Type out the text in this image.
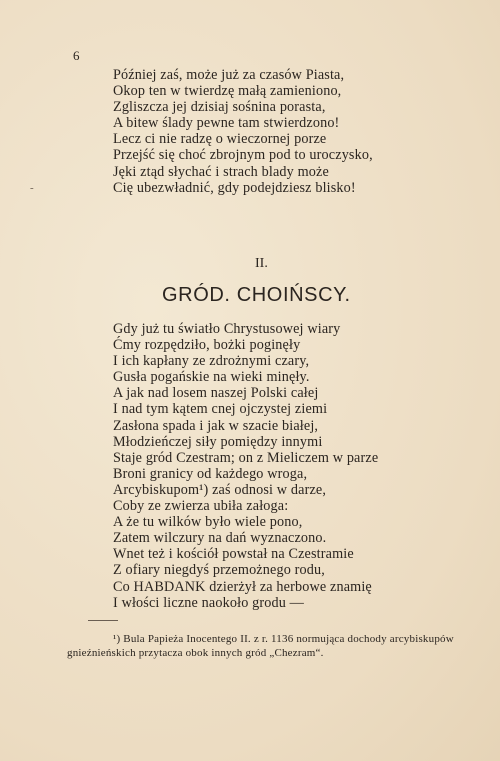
6
-
Później zaś, może już za czasów Piasta,
Okop ten w twierdzę małą zamieniono,
Zgliszcza jej dzisiaj sośnina porasta,
A bitew ślady pewne tam stwierdzono!
Lecz ci nie radzę o wieczornej porze
Przejść się choć zbrojnym pod to uroczysko,
Jęki ztąd słychać i strach blady może
Cię ubezwładnić, gdy podejdziesz blisko!
II.
GRÓD. CHOIŃSCY.
Gdy już tu światło Chrystusowej wiary
Ćmy rozpędziło, bożki poginęły
I ich kapłany ze zdrożnymi czary,
Gusła pogańskie na wieki minęły.
A jak nad losem naszej Polski całej
I nad tym kątem cnej ojczystej ziemi
Zasłona spada i jak w szacie białej,
Młodzieńczej siły pomiędzy innymi
Staje gród Czestram; on z Mieliczem w parze
Broni granicy od każdego wroga,
Arcybiskupom¹) zaś odnosi w darze,
Coby ze zwierza ubiła załoga:
A że tu wilków było wiele pono,
Zatem wilczury na dań wyznaczono.
Wnet też i kościół powstał na Czestramie
Z ofiary niegdyś przemożnego rodu,
Co HABDANK dzierżył za herbowe znamię
I włości liczne naokoło grodu —
¹) Bula Papieża Inocentego II. z r. 1136 normująca dochody arcybiskupów gnieźnieńskich przytacza obok innych gród „Chezram“.
